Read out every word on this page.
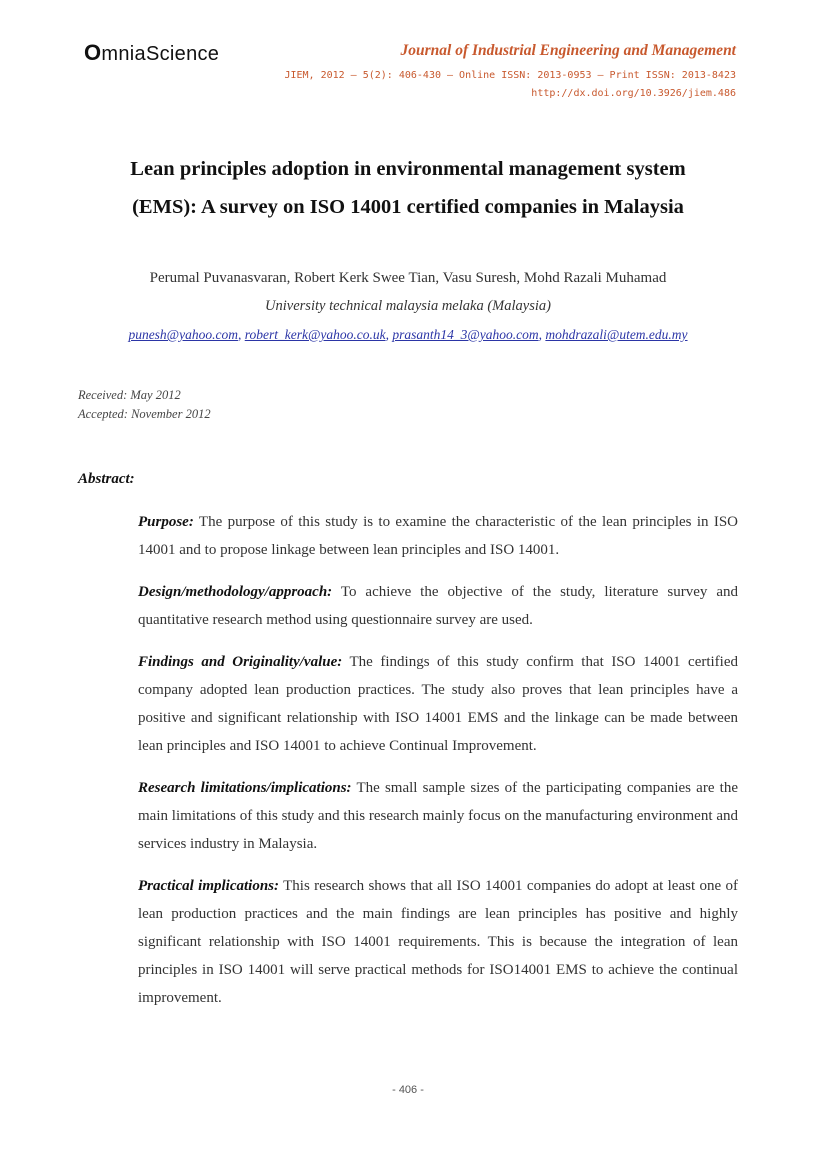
OmniaScience	Journal of Industrial Engineering and Management
JIEM, 2012 – 5(2): 406-430 – Online ISSN: 2013-0953 – Print ISSN: 2013-8423
http://dx.doi.org/10.3926/jiem.486
Lean principles adoption in environmental management system
(EMS): A survey on ISO 14001 certified companies in Malaysia
Perumal Puvanasvaran, Robert Kerk Swee Tian, Vasu Suresh, Mohd Razali Muhamad
University technical malaysia melaka (Malaysia)
punesh@yahoo.com, robert_kerk@yahoo.co.uk, prasanth14_3@yahoo.com, mohdrazali@utem.edu.my
Received: May 2012
Accepted: November 2012
Abstract:

Purpose: The purpose of this study is to examine the characteristic of the lean principles in ISO 14001 and to propose linkage between lean principles and ISO 14001.

Design/methodology/approach: To achieve the objective of the study, literature survey and quantitative research method using questionnaire survey are used.

Findings and Originality/value: The findings of this study confirm that ISO 14001 certified company adopted lean production practices. The study also proves that lean principles have a positive and significant relationship with ISO 14001 EMS and the linkage can be made between lean principles and ISO 14001 to achieve Continual Improvement.

Research limitations/implications: The small sample sizes of the participating companies are the main limitations of this study and this research mainly focus on the manufacturing environment and services industry in Malaysia.

Practical implications: This research shows that all ISO 14001 companies do adopt at least one of lean production practices and the main findings are lean principles has positive and highly significant relationship with ISO 14001 requirements. This is because the integration of lean principles in ISO 14001 will serve practical methods for ISO14001 EMS to achieve the continual improvement.

- 406 -
